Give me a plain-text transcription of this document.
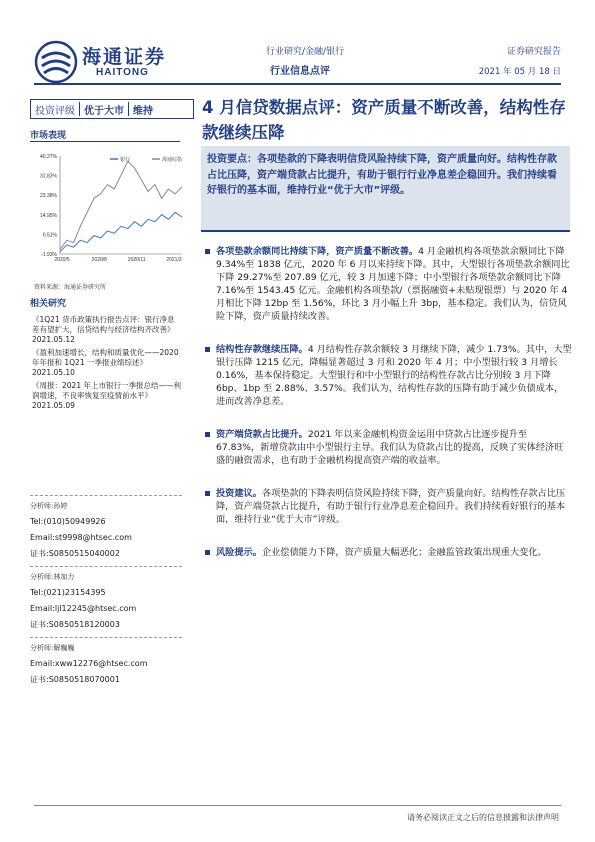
海通证券
HAITONG
行业研究/金融/银行
行业信息点评
证券研究报告
2021 年 05 月 18 日
投资评级 优于大市 维持
市场表现
40.27%
31.83%
23.38%
14.95%
6.51%
-1.93%
2020/5	2020/8	2020/11	2021/2
银行	海通综指
资料来源：海通证券研究所
相关研究
《1Q21 货币政策执行报告点评：银行净息差有望扩大，信贷结构与经济结构齐改善》
2021.05.12
《盈利加速增长，结构和质量优化——2020 年年报和 1Q21 一季报业绩综述》
2021.05.10
《周报：2021 年上市银行一季报总结——利润增速，不良率恢复至疫情前水平》
2021.05.09
分析师:孙婷
Tel:(010)50949926
Email:st9998@htsec.com
证书:S0850515040002
分析师:林加力
Tel:(021)23154395
Email:ljl12245@htsec.com
证书:S0850518120003
分析师:解巍巍
Email:xww12276@htsec.com
证书:S0850518070001
4 月信贷数据点评：资产质量不断改善，结构性存款继续压降
投资要点：各项垫款的下降表明信贷风险持续下降，资产质量向好。结构性存款占比压降，资产端贷款占比提升，有助于银行行业净息差企稳回升。我们持续看好银行的基本面，维持行业“优于大市”评级。
各项垫款余额同比持续下降，资产质量不断改善。4 月金融机构各项垫款余额同比下降 9.34%至 1838 亿元，2020 年 6 月以来持续下降。其中，大型银行各项垫款余额同比下降 29.27%至 207.89 亿元，较 3 月加速下降；中小型银行各项垫款余额同比下降 7.16%至 1543.45 亿元。金融机构各项垫款/（票据融资+未贴现银票）与 2020 年 4 月相比下降 12bp 至 1.56%，环比 3 月小幅上升 3bp，基本稳定。我们认为，信贷风险下降，资产质量持续改善。
结构性存款继续压降。4 月结构性存款余额较 3 月继续下降，减少 1.73%。其中，大型银行压降 1215 亿元，降幅显著超过 3 月和 2020 年 4 月；中小型银行较 3 月增长 0.16%，基本保持稳定。大型银行和中小型银行的结构性存款占比分别较 3 月下降 6bp、1bp 至 2.88%、3.57%。我们认为，结构性存款的压降有助于减少负债成本，进而改善净息差。
资产端贷款占比提升。2021 年以来金融机构资金运用中贷款占比逐步提升至 67.83%，新增贷款由中小型银行主导。我们认为贷款占比的提高，反映了实体经济旺盛的融资需求，也有助于金融机构提高资产端的收益率。
投资建议。各项垫款的下降表明信贷风险持续下降，资产质量向好。结构性存款占比压降，资产端贷款占比提升，有助于银行行业净息差企稳回升。我们持续看好银行的基本面，维持行业“优于大市”评级。
风险提示。企业偿债能力下降，资产质量大幅恶化；金融监管政策出现重大变化。
请务必阅读正文之后的信息披露和法律声明
